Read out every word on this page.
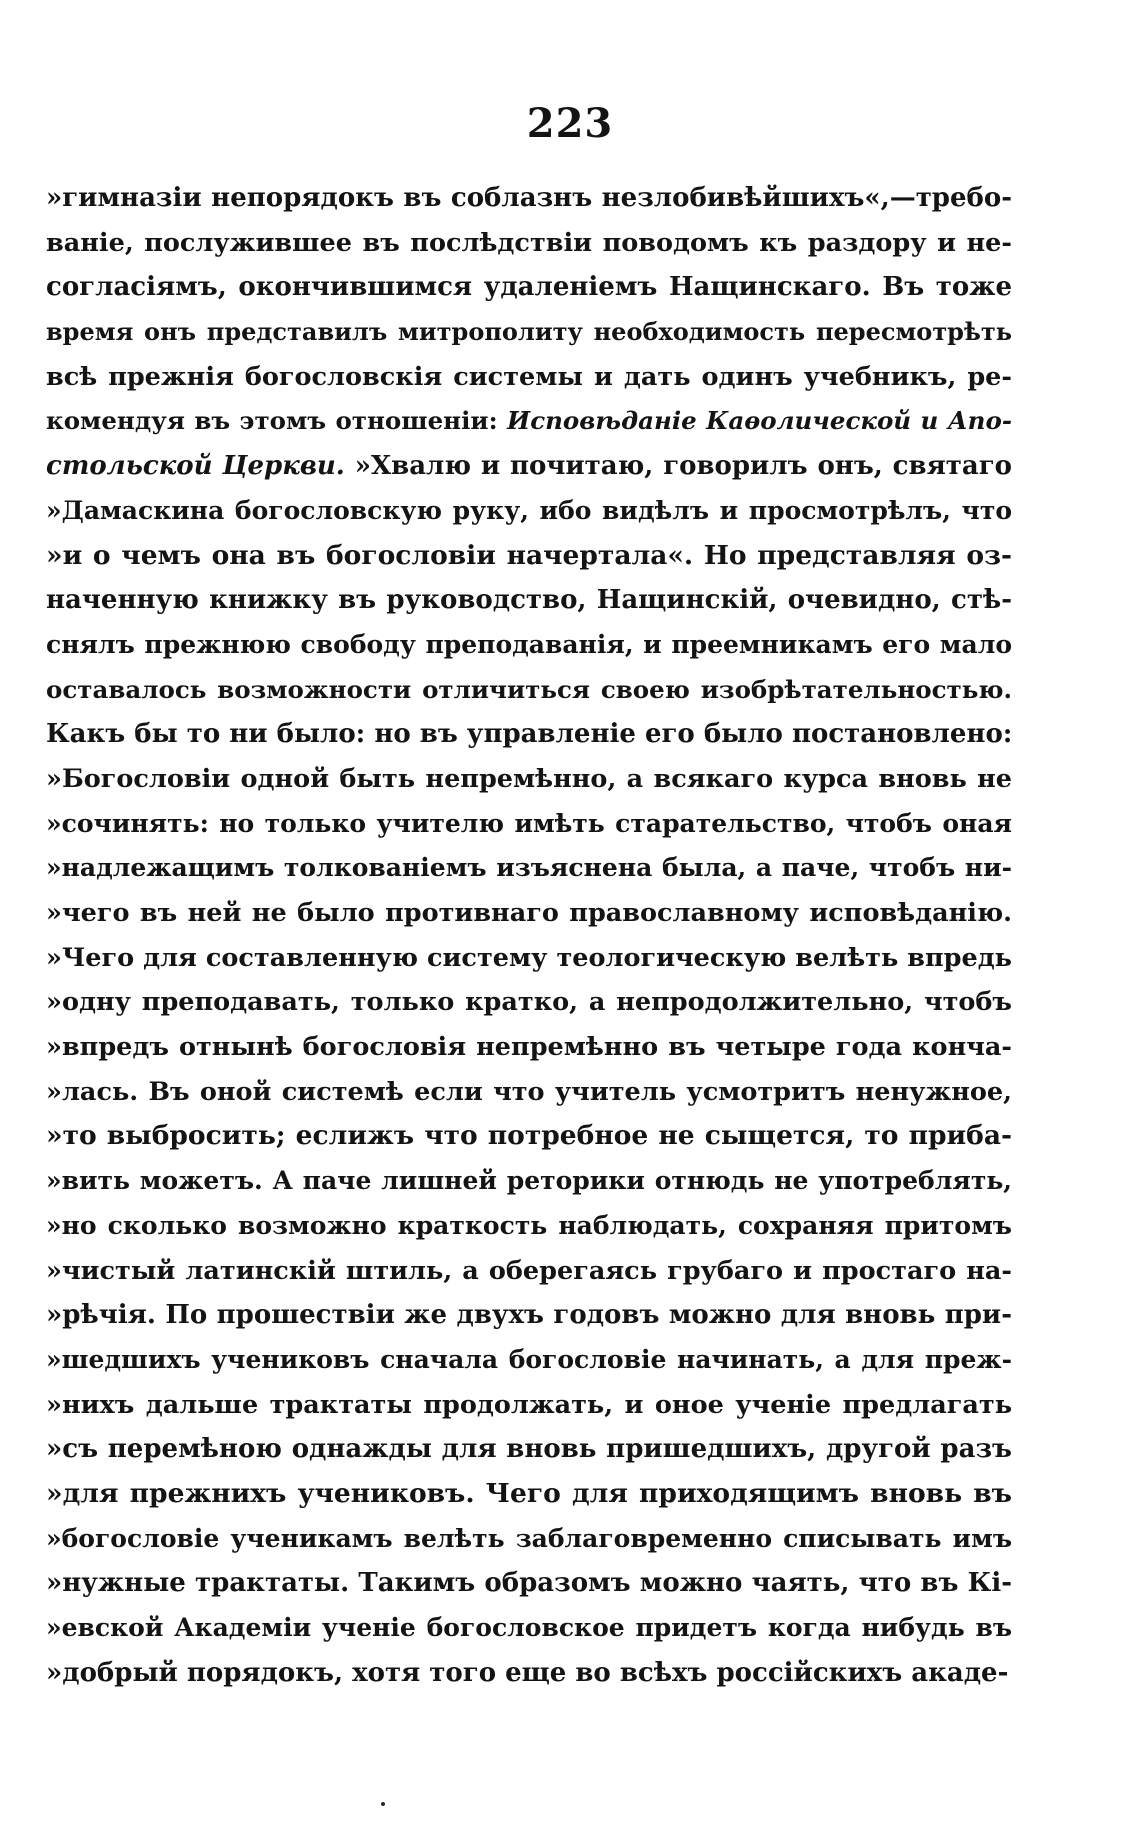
223
»гимназіи непорядокъ въ соблазнъ незлобивѣйшихъ«,—требо-
ваніе, послужившее въ послѣдствіи поводомъ къ раздору и не-
согласіямъ, окончившимся удаленіемъ Нащинскаго. Въ тоже
время онъ представилъ митрополиту необходимость пересмотрѣть
всѣ прежнія богословскія системы и дать одинъ учебникъ, ре-
комендуя въ этомъ отношеніи: Исповѣданіе Каѳолической и Апо-
стольской Церкви. »Хвалю и почитаю, говорилъ онъ, святаго
»Дамаскина богословскую руку, ибо видѣлъ и просмотрѣлъ, что
»и о чемъ она въ богословіи начертала«. Но представляя оз-
наченную книжку въ руководство, Нащинскій, очевидно, стѣ-
снялъ прежнюю свободу преподаванія, и преемникамъ его мало
оставалось возможности отличиться своею изобрѣтательностью.
Какъ бы то ни было: но въ управленіе его было постановлено:
»Богословіи одной быть непремѣнно, а всякаго курса вновь не
»сочинять: но только учителю имѣть старательство, чтобъ оная
»надлежащимъ толкованіемъ изъяснена была, а паче, чтобъ ни-
»чего въ ней не было противнаго православному исповѣданію.
»Чего для составленную систему теологическую велѣть впредь
»одну преподавать, только кратко, а непродолжительно, чтобъ
»впредъ отнынѣ богословія непремѣнно въ четыре года конча-
»лась. Въ оной системѣ если что учитель усмотритъ ненужное,
»то выбросить; еслижъ что потребное не сыщется, то приба-
»вить можетъ. А паче лишней реторики отнюдь не употреблять,
»но сколько возможно краткость наблюдать, сохраняя притомъ
»чистый латинскій штиль, а оберегаясь грубаго и простаго на-
»рѣчія. По прошествіи же двухъ годовъ можно для вновь при-
»шедшихъ учениковъ сначала богословіе начинать, а для преж-
»нихъ дальше трактаты продолжать, и оное ученіе предлагать
»съ перемѣною однажды для вновь пришедшихъ, другой разъ
»для прежнихъ учениковъ. Чего для приходящимъ вновь въ
»богословіе ученикамъ велѣть заблаговременно списывать имъ
»нужные трактаты. Такимъ образомъ можно чаять, что въ Кі-
»евской Академіи ученіе богословское придетъ когда нибудь въ
»добрый порядокъ, хотя того еще во всѣхъ россійскихъ акаде-
